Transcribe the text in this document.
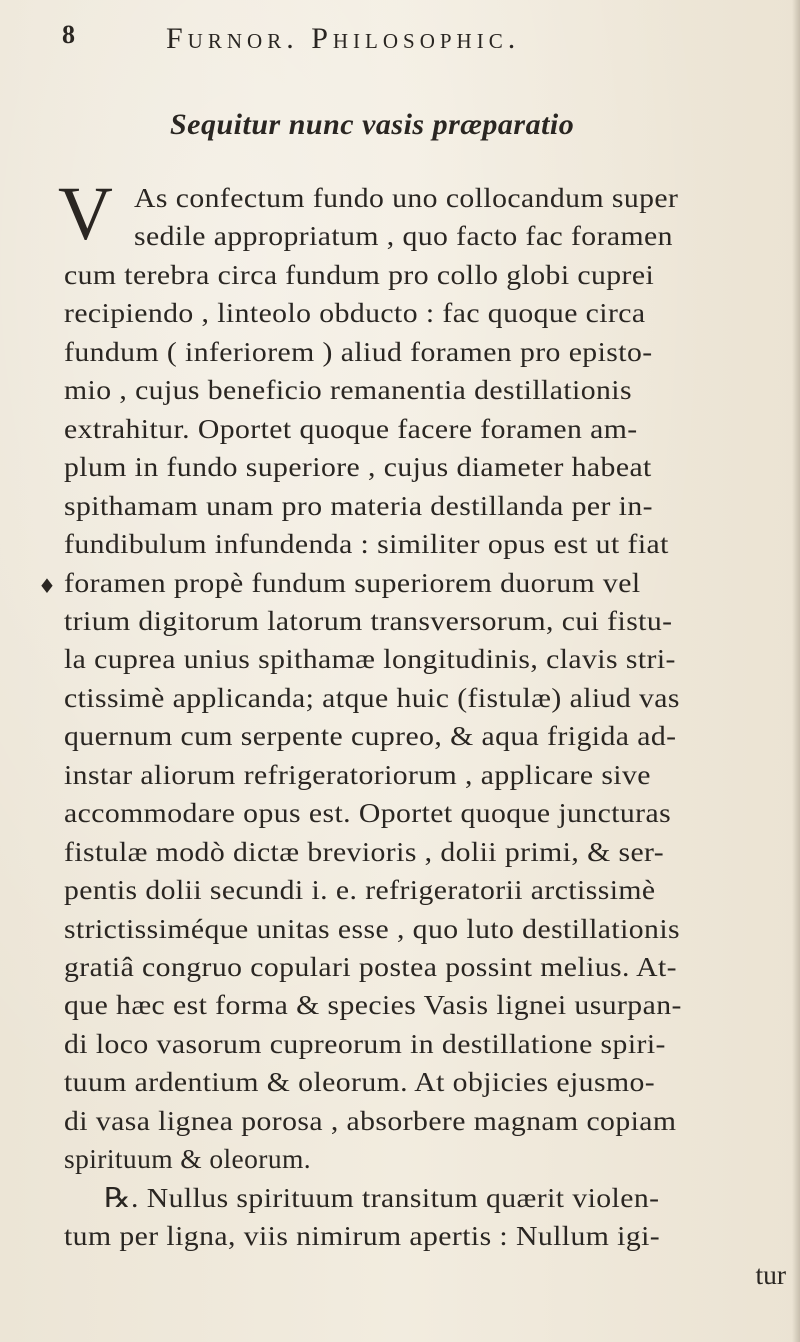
8	Furnor. Philosophic.
Sequitur nunc vasis præparatio
V
♦
As confectum fundo uno collocandum super
sedile appropriatum , quo facto fac foramen
cum terebra circa fundum pro collo globi cuprei
recipiendo , linteolo obducto : fac quoque circa
fundum ( inferiorem ) aliud foramen pro episto-
mio , cujus beneficio remanentia destillationis
extrahitur. Oportet quoque facere foramen am-
plum in fundo superiore , cujus diameter habeat
spithamam unam pro materia destillanda per in-
fundibulum infundenda : similiter opus est ut fiat
foramen propè fundum superiorem duorum vel
trium digitorum latorum transversorum, cui fistu-
la cuprea unius spithamæ longitudinis, clavis stri-
ctissimè applicanda; atque huic (fistulæ) aliud vas
quernum cum serpente cupreo, & aqua frigida ad-
instar aliorum refrigeratoriorum , applicare sive
accommodare opus est. Oportet quoque juncturas
fistulæ modò dictæ brevioris , dolii primi, & ser-
pentis dolii secundi i. e. refrigeratorii arctissimè
strictissiméque unitas esse , quo luto destillationis
gratiâ congruo copulari postea possint melius. At-
que hæc est forma & species Vasis lignei usurpan-
di loco vasorum cupreorum in destillatione spiri-
tuum ardentium & oleorum. At objicies ejusmo-
di vasa lignea porosa , absorbere magnam copiam
spirituum & oleorum.
℞. Nullus spirituum transitum quærit violen-
tum per ligna, viis nimirum apertis : Nullum igi-
tur
